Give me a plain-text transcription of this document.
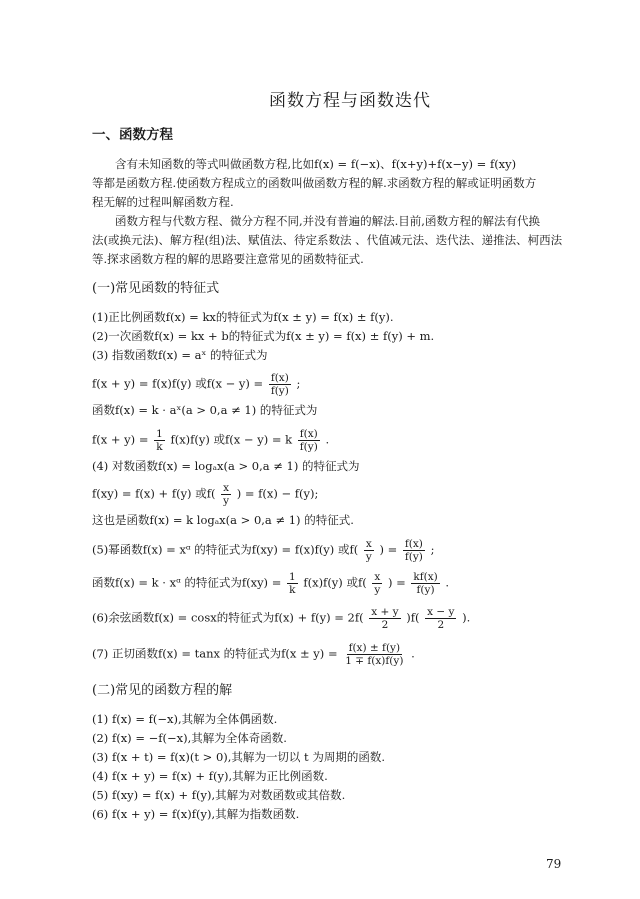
函数方程与函数迭代
一、函数方程
含有未知函数的等式叫做函数方程,比如f(x) = f(−x)、f(x+y)+f(x−y) = f(xy)
等都是函数方程.使函数方程成立的函数叫做函数方程的解.求函数方程的解或证明函数方
程无解的过程叫解函数方程.
函数方程与代数方程、微分方程不同,并没有普遍的解法.目前,函数方程的解法有代换
法(或换元法)、解方程(组)法、赋值法、待定系数法 、代值减元法、迭代法、递推法、柯西法
等.探求函数方程的解的思路要注意常见的函数特征式.
(一)常见函数的特征式
(1)正比例函数f(x) = kx的特征式为f(x ± y) = f(x) ± f(y).
(2)一次函数f(x) = kx + b的特征式为f(x ± y) = f(x) ± f(y) + m.
(3) 指数函数f(x) = aˣ 的特征式为
f(x + y) = f(x)f(y) 或$f(x - y) = \frac{f(x)}{f(y)}$ ;
函数f(x) = k · aˣ(a > 0,a ≠ 1) 的特征式为
$f(x + y) = \frac{1}{k} f(x)f(y)$ 或f(x − y) = k $\frac{f(x)}{f(y)}$ .
(4) 对数函数f(x) = logₐx(a > 0,a ≠ 1) 的特征式为
f(xy) = f(x) + f(y) 或$f( \frac{x}{y}$ ) = f(x) − f(y);
这也是函数f(x) = k logₐx(a > 0,a ≠ 1) 的特征式.
(5)幂函数f(x) = xᵅ 的特征式为f(xy) = f(x)f(y) 或$f( \frac{x}{y}$ ) = $\frac{f(x)}{f(y)}$ ;
函数f(x) = k · xᵅ 的特征式为$f(xy) = \frac{1}{k} f(x)f(y)$ 或$f( \frac{x}{y}$ ) = $\frac{kf(x)}{f(y)}$ .
(6)余弦函数f(x) = cosx的特征式为$f(x) + f(y) = 2f( \frac{x + y}{2} )f( \frac{x - y}{2}$ ).
(7) 正切函数f(x) = tanx 的特征式为$f(x \pm y) = \frac{f(x) \pm f(y)}{1 \mp f(x)f(y)}$ .
(二)常见的函数方程的解
(1) f(x) = f(−x),其解为全体偶函数.
(2) f(x) = −f(−x),其解为全体奇函数.
(3) f(x + t) = f(x)(t > 0),其解为一切以 t 为周期的函数.
(4) f(x + y) = f(x) + f(y),其解为正比例函数.
(5) f(xy) = f(x) + f(y),其解为对数函数或其倍数.
(6) f(x + y) = f(x)f(y),其解为指数函数.
79
